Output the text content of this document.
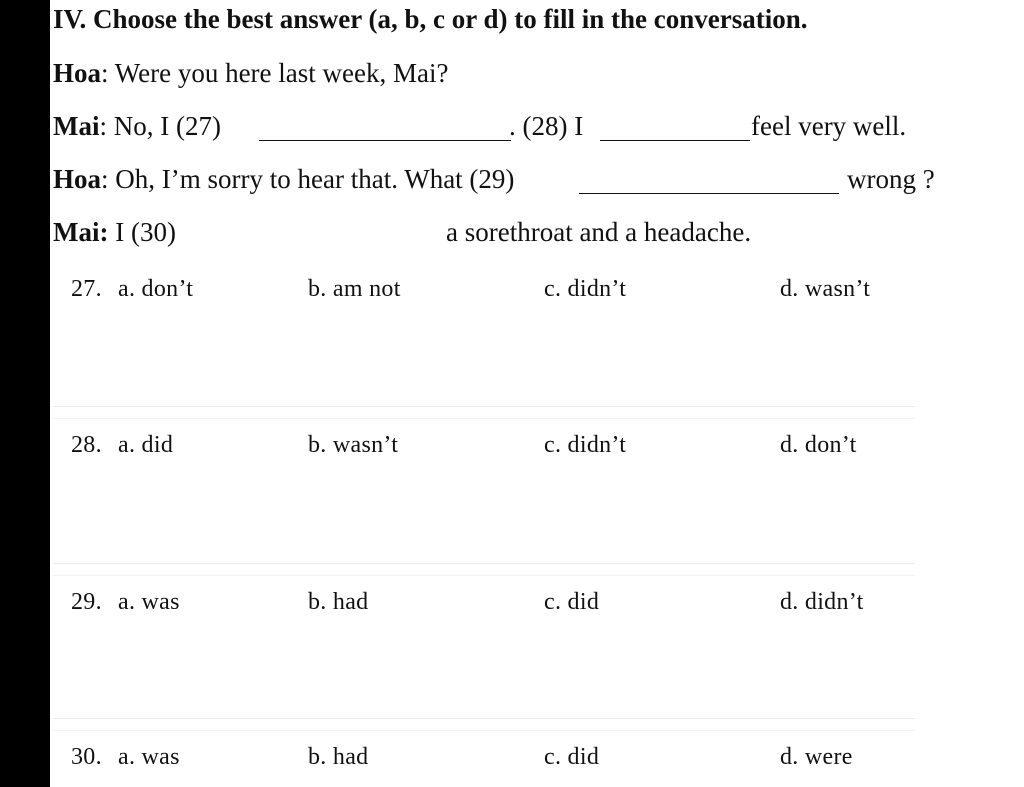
IV. Choose the best answer (a, b, c or d) to fill in the conversation.
Hoa: Were you here last week, Mai?
Mai: No, I (27)	. (28) I	feel very well.
Hoa: Oh, I’m sorry to hear that. What (29)	wrong ?
Mai: I (30)	a sorethroat and a headache.
27. a. don’t	b. am not	c. didn’t	d. wasn’t
28. a. did	b. wasn’t	c. didn’t	d. don’t
29. a. was	b. had	c. did	d. didn’t
30. a. was	b. had	c. did	d. were
